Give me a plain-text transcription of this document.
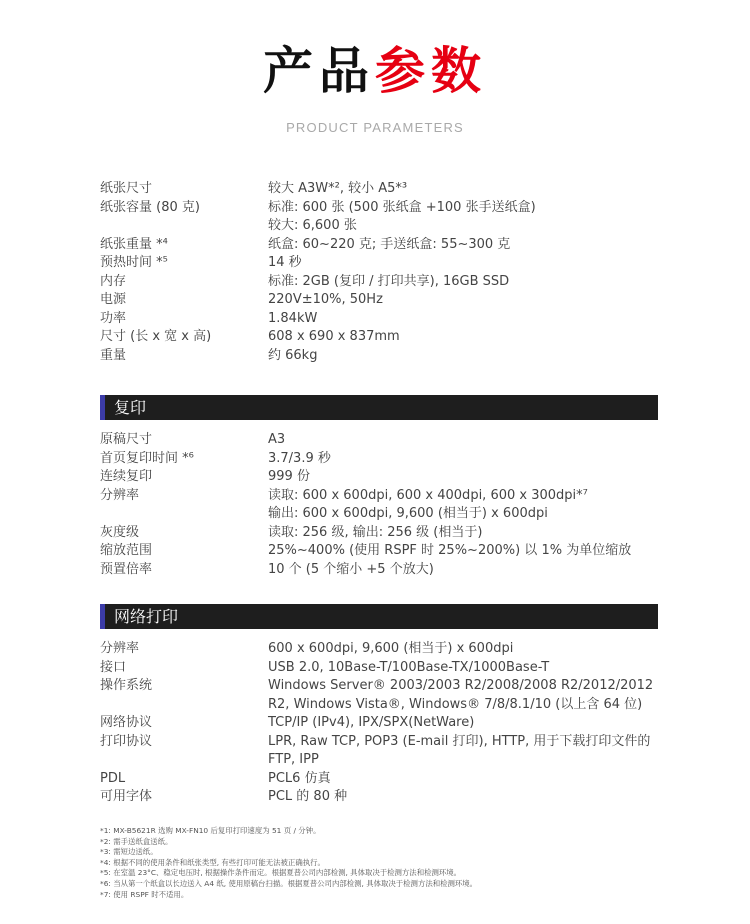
产品参数
PRODUCT PARAMETERS
纸张尺寸	较大 A3W*², 较小 A5*³
纸张容量 (80 克)	标准: 600 张 (500 张纸盒 +100 张手送纸盒)
较大: 6,600 张
纸张重量 *⁴	纸盒: 60~220 克; 手送纸盒: 55~300 克
预热时间 *⁵	14 秒
内存	标准: 2GB (复印 / 打印共享), 16GB SSD
电源	220V±10%, 50Hz
功率	1.84kW
尺寸 (长 x 宽 x 高)	608 x 690 x 837mm
重量	约 66kg
复印
原稿尺寸	A3
首页复印时间 *⁶	3.7/3.9 秒
连续复印	999 份
分辨率	读取: 600 x 600dpi, 600 x 400dpi, 600 x 300dpi*⁷
输出: 600 x 600dpi, 9,600 (相当于) x 600dpi
灰度级	读取: 256 级, 输出: 256 级 (相当于)
缩放范围	25%~400% (使用 RSPF 时 25%~200%) 以 1% 为单位缩放
预置倍率	10 个 (5 个缩小 +5 个放大)
网络打印
分辨率	600 x 600dpi, 9,600 (相当于) x 600dpi
接口	USB 2.0, 10Base-T/100Base-TX/1000Base-T
操作系统	Windows Server® 2003/2003 R2/2008/2008 R2/2012/2012 R2, Windows Vista®, Windows® 7/8/8.1/10 (以上含 64 位)
网络协议	TCP/IP (IPv4), IPX/SPX(NetWare)
打印协议	LPR, Raw TCP, POP3 (E-mail 打印), HTTP, 用于下载打印文件的 FTP, IPP
PDL	PCL6 仿真
可用字体	PCL 的 80 种
*1: MX-B5621R 选购 MX-FN10 后复印打印速度为 51 页 / 分钟。
*2: 需手送纸盒送纸。
*3: 需短边送纸。
*4: 根据不同的使用条件和纸张类型, 有些打印可能无法被正确执行。
*5: 在室温 23°C、稳定电压时, 根据操作条件而定。根据夏普公司内部检测, 具体取决于检测方法和检测环境。
*6: 当从第一个纸盒以长边送入 A4 纸, 使用原稿台扫描。根据夏普公司内部检测, 具体取决于检测方法和检测环境。
*7: 使用 RSPF 时不适用。
